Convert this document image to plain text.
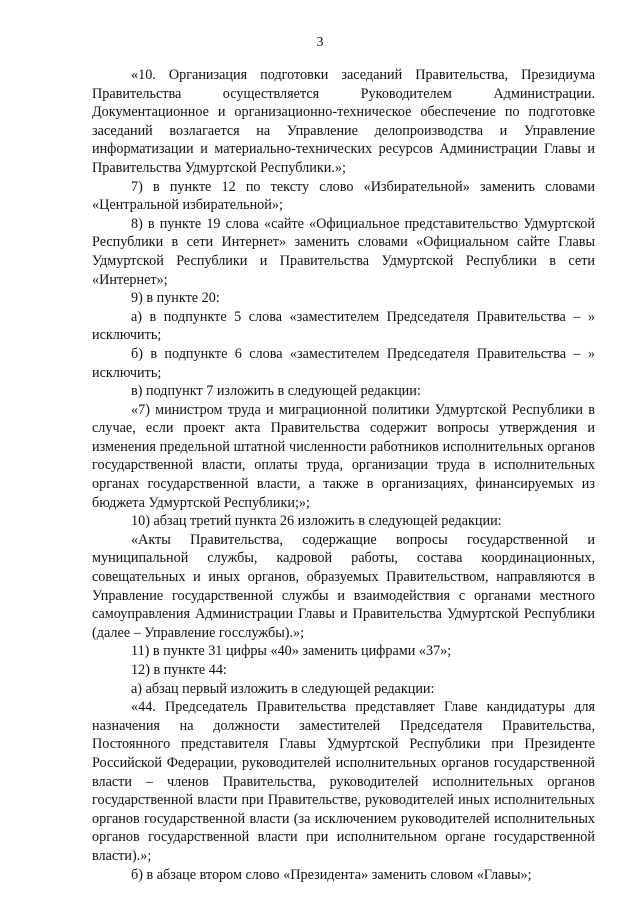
3

«10. Организация подготовки заседаний Правительства, Президиума Правительства осуществляется Руководителем Администрации. Документационное и организационно-техническое обеспечение по подготовке заседаний возлагается на Управление делопроизводства и Управление информатизации и материально-технических ресурсов Администрации Главы и Правительства Удмуртской Республики.»;

7) в пункте 12 по тексту слово «Избирательной» заменить словами «Центральной избирательной»;

8) в пункте 19 слова «сайте «Официальное представительство Удмуртской Республики в сети Интернет» заменить словами «Официальном сайте Главы Удмуртской Республики и Правительства Удмуртской Республики в сети «Интернет»;

9) в пункте 20:

а) в подпункте 5 слова «заместителем Председателя Правительства – » исключить;

б) в подпункте 6 слова «заместителем Председателя Правительства – » исключить;

в) подпункт 7 изложить в следующей редакции:

«7) министром труда и миграционной политики Удмуртской Республики в случае, если проект акта Правительства содержит вопросы утверждения и изменения предельной штатной численности работников исполнительных органов государственной власти, оплаты труда, организации труда в исполнительных органах государственной власти, а также в организациях, финансируемых из бюджета Удмуртской Республики;»;

10) абзац третий пункта 26 изложить в следующей редакции:

«Акты Правительства, содержащие вопросы государственной и муниципальной службы, кадровой работы, состава координационных, совещательных и иных органов, образуемых Правительством, направляются в Управление государственной службы и взаимодействия с органами местного самоуправления Администрации Главы и Правительства Удмуртской Республики (далее – Управление госслужбы).»;

11) в пункте 31 цифры «40» заменить цифрами «37»;

12) в пункте 44:

а) абзац первый изложить в следующей редакции:

«44. Председатель Правительства представляет Главе кандидатуры для назначения на должности заместителей Председателя Правительства, Постоянного представителя Главы Удмуртской Республики при Президенте Российской Федерации, руководителей исполнительных органов государственной власти – членов Правительства, руководителей исполнительных органов государственной власти при Правительстве, руководителей иных исполнительных органов государственной власти (за исключением руководителей исполнительных органов государственной власти при исполнительном органе государственной власти).»;

б) в абзаце втором слово «Президента» заменить словом «Главы»;
